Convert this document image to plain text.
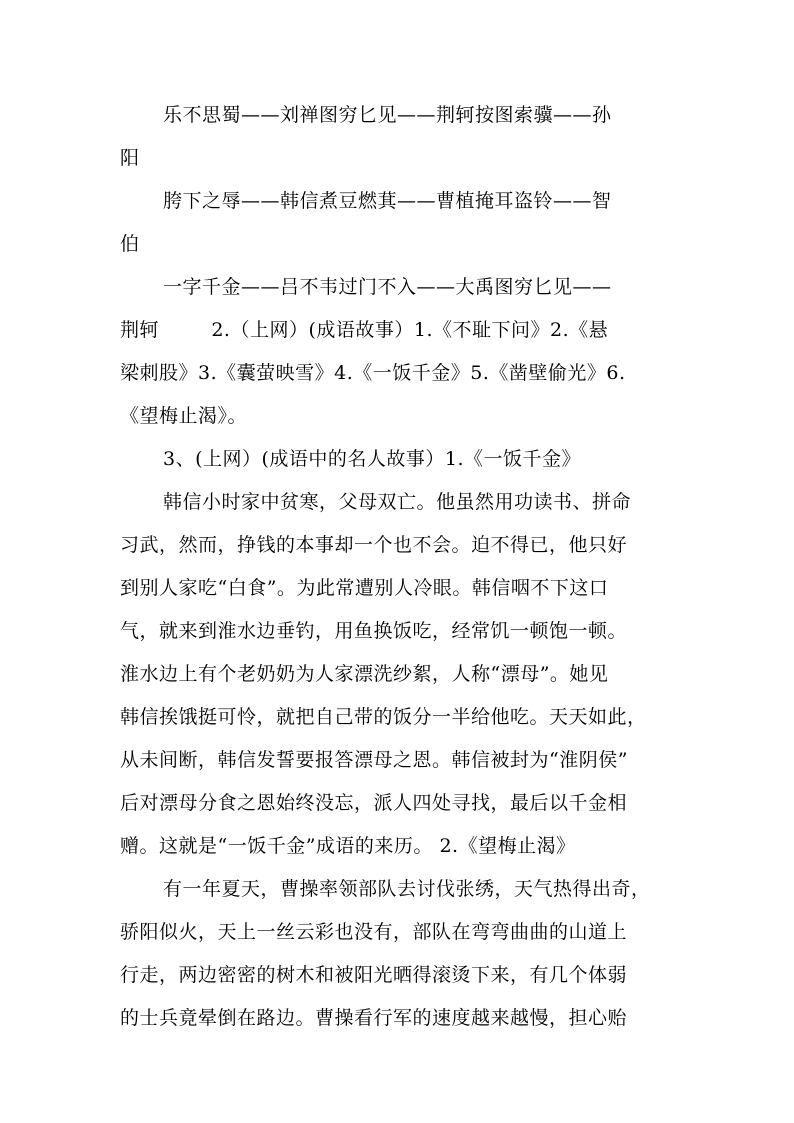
乐不思蜀——刘禅图穷匕见——荆轲按图索骥——孙
阳
胯下之辱——韩信煮豆燃萁——曹植掩耳盗铃——智
伯
一字千金——吕不韦过门不入——大禹图穷匕见——
荆轲        2.（上网）(成语故事）1.《不耻下问》2.《悬
梁刺股》3.《囊萤映雪》4.《一饭千金》5.《凿壁偷光》6.
《望梅止渴》。
3、(上网）(成语中的名人故事）1.《一饭千金》
韩信小时家中贫寒，父母双亡。他虽然用功读书、拼命
习武，然而，挣钱的本事却一个也不会。迫不得已，他只好
到别人家吃“白食”。为此常遭别人冷眼。韩信咽不下这口
气，就来到淮水边垂钓，用鱼换饭吃，经常饥一顿饱一顿。
淮水边上有个老奶奶为人家漂洗纱絮，人称“漂母”。她见
韩信挨饿挺可怜，就把自己带的饭分一半给他吃。天天如此，
从未间断，韩信发誓要报答漂母之恩。韩信被封为“淮阴侯”
后对漂母分食之恩始终没忘，派人四处寻找，最后以千金相
赠。这就是“一饭千金”成语的来历。 2.《望梅止渴》
有一年夏天，曹操率领部队去讨伐张绣，天气热得出奇，
骄阳似火，天上一丝云彩也没有，部队在弯弯曲曲的山道上
行走，两边密密的树木和被阳光晒得滚烫下来，有几个体弱
的士兵竟晕倒在路边。曹操看行军的速度越来越慢，担心贻
